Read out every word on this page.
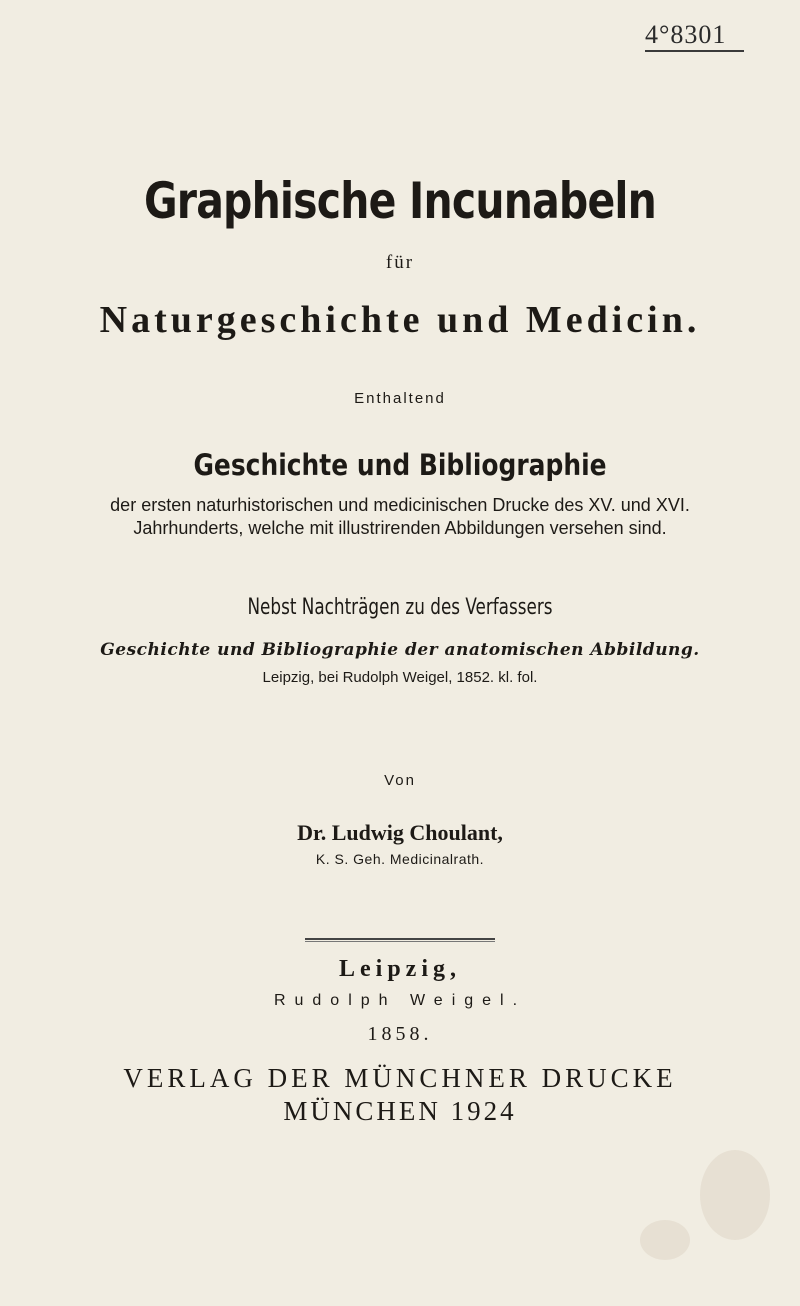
4°8301
Graphische Incunabeln

für

Naturgeschichte und Medicin.

Enthaltend

Geschichte und Bibliographie

der ersten naturhistorischen und medicinischen Drucke des XV. und XVI. Jahrhunderts, welche mit illustrirenden Abbildungen versehen sind.

Nebst Nachträgen zu des Verfassers

Geschichte und Bibliographie der anatomischen Abbildung.

Leipzig, bei Rudolph Weigel, 1852. kl. fol.

Von

Dr. Ludwig Choulant,

K. S. Geh. Medicinalrath.

Leipzig,

Rudolph Weigel.

1858.

VERLAG DER MÜNCHNER DRUCKE

MÜNCHEN 1924
